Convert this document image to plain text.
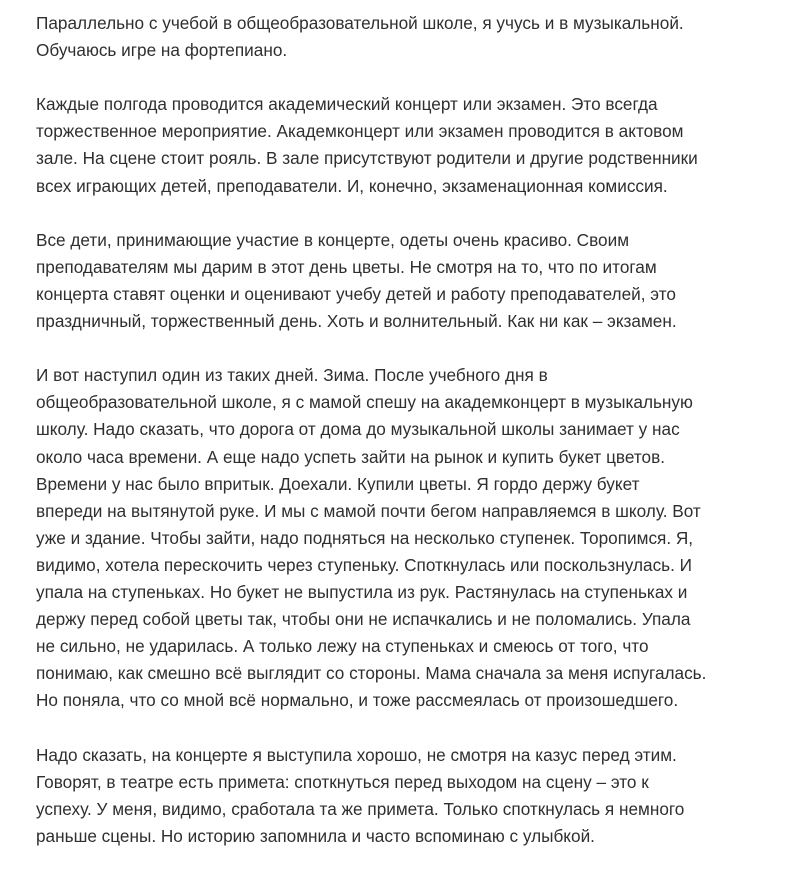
Параллельно с учебой в общеобразовательной школе, я учусь и в музыкальной.
Обучаюсь игре на фортепиано.

Каждые полгода проводится академический концерт или экзамен. Это всегда
торжественное мероприятие. Академконцерт или экзамен проводится в актовом
зале. На сцене стоит рояль. В зале присутствуют родители и другие родственники
всех играющих детей, преподаватели. И, конечно, экзаменационная комиссия.

Все дети, принимающие участие в концерте, одеты очень красиво. Своим
преподавателям мы дарим в этот день цветы. Не смотря на то, что по итогам
концерта ставят оценки и оценивают учебу детей и работу преподавателей, это
праздничный, торжественный день. Хоть и волнительный. Как ни как – экзамен.

И вот наступил один из таких дней. Зима. После учебного дня в
общеобразовательной школе, я с мамой спешу на академконцерт в музыкальную
школу. Надо сказать, что дорога от дома до музыкальной школы занимает у нас
около часа времени. А еще надо успеть зайти на рынок и купить букет цветов.
Времени у нас было впритык. Доехали. Купили цветы. Я гордо держу букет
впереди на вытянутой руке. И мы с мамой почти бегом направляемся в школу. Вот
уже и здание. Чтобы зайти, надо подняться на несколько ступенек. Торопимся. Я,
видимо, хотела перескочить через ступеньку. Споткнулась или поскользнулась. И
упала на ступеньках. Но букет не выпустила из рук. Растянулась на ступеньках и
держу перед собой цветы так, чтобы они не испачкались и не поломались. Упала
не сильно, не ударилась. А только лежу на ступеньках и смеюсь от того, что
понимаю, как смешно всё выглядит со стороны. Мама сначала за меня испугалась.
Но поняла, что со мной всё нормально, и тоже рассмеялась от произошедшего.

Надо сказать, на концерте я выступила хорошо, не смотря на казус перед этим.
Говорят, в театре есть примета: споткнуться перед выходом на сцену – это к
успеху. У меня, видимо, сработала та же примета. Только споткнулась я немного
раньше сцены. Но историю запомнила и часто вспоминаю с улыбкой.
